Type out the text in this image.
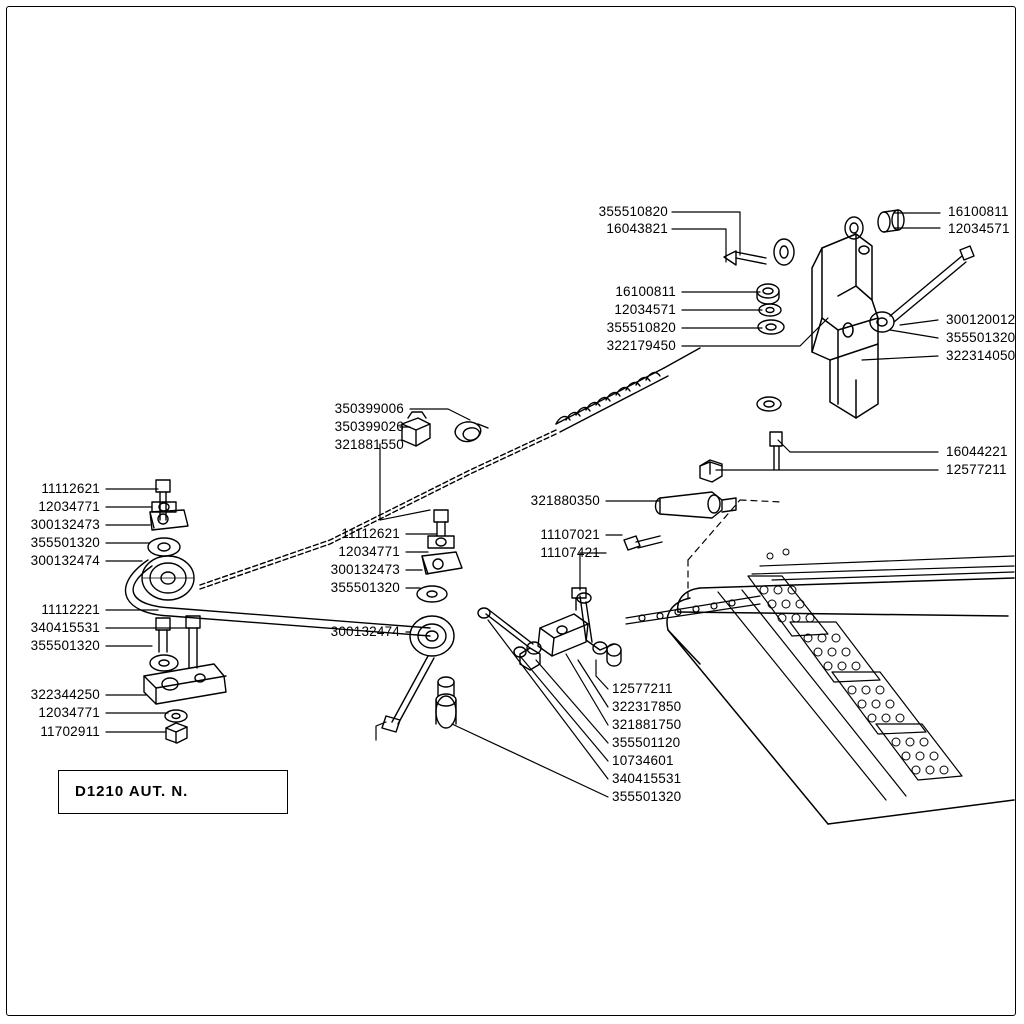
355510820
16043821
16100811
12034571
16100811
12034571
355510820
322179450
300120012
355501320
322314050
16044221
12577211
350399006
350399026
321881550
11112621
12034771
300132473
355501320
300132474
11112621
12034771
300132473
355501320
321880350
11107021
11107421
11112221
340415531
355501320
322344250
12034771
11702911
300132474
12577211
322317850
321881750
355501120
10734601
340415531
355501320
D1210 AUT. N.
